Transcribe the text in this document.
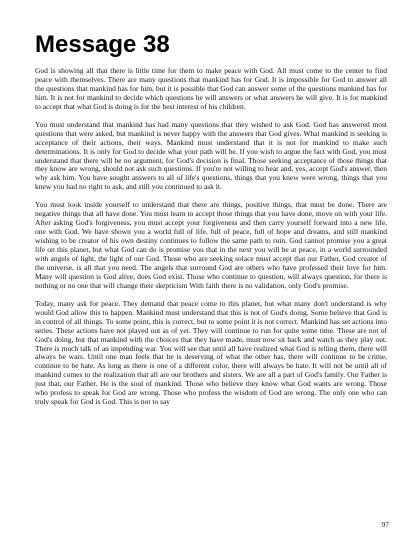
Message 38

God is showing all that there is little time for them to make peace with God. All must come to the center to find peace with themselves. There are many questions that mankind has for God. It is impossible for God to answer all the questions that mankind has for him, but it is possible that God can answer some of the questions mankind has for him. It is not for mankind to decide which questions he will answers or what answers he will give. It is for mankind to accept that what God is doing is for the best interest of his children.

You must understand that mankind has had many questions that they wished to ask God. God has answered most questions that were asked, but mankind is never happy with the answers that God gives. What mankind is seeking is acceptance of their actions, their ways. Mankind must understand that it is not for mankind to make such determinations. It is only for God to decide what your path will be. If you wish to argue the fact with God, you must understand that there will be no argument, for God's decision is final. Those seeking acceptance of those things that they know are wrong, should not ask such questions. If you're not willing to hear and, yes, accept God's answer, then why ask him. You have sought answers to all of life's questions, things that you knew were wrong, things that you knew you had no right to ask, and still you continued to ask it.

You must look inside yourself to understand that there are things, positive things, that must be done. There are negative things that all have done. You must learn to accept those things that you have done, move on with your life. After asking God's forgiveness, you must accept your forgiveness and then carry yourself forward into a new life, one with God. We have shown you a world full of life, full of peace, full of hope and dreams, and still mankind wishing to be creator of his own destiny continues to follow the same path to ruin. God cannot promise you a great life on this planet, but what God can do is promise you that in the next you will be at peace, in a world surrounded with angels of light, the light of our God. Those who are seeking solace must accept that our Father, God creator of the universe, is all that you need. The angels that surround God are others who have professed their love for him. Many will question is God alive, does God exist. Those who continue to question, will always question, for there is nothing or no one that will change their skepticism With faith there is no validation, only God's promise.

Today, many ask for peace. They demand that peace come to this planet, but what many don't understand is why would God allow this to happen. Mankind must understand that this is not of God's doing. Some believe that God is in control of all things. To some point, this is correct, but to some point it is not correct. Mankind has set actions into series. These actions have not played out as of yet. They will continue to run for quite some time. These are not of God's doing, but that mankind with the choices that they have made, must now sit back and watch as they play out. There is much talk of an impending war. You will see that until all have realized what God is telling them, there will always be wars. Until one man feels that he is deserving of what the other has, there will continue to be crime, continue to be hate. As long as there is one of a different color, there will always be hate. It will not be until all of mankind comes to the realization that all are our brothers and sisters. We are all a part of God's family. Our Father is just that, our Father. He is the soul of mankind. Those who believe they know what God wants are wrong. Those who profess to speak for God are wrong. Those who profess the wisdom of God are wrong. The only one who can truly speak for God is God. This is not to say

97
